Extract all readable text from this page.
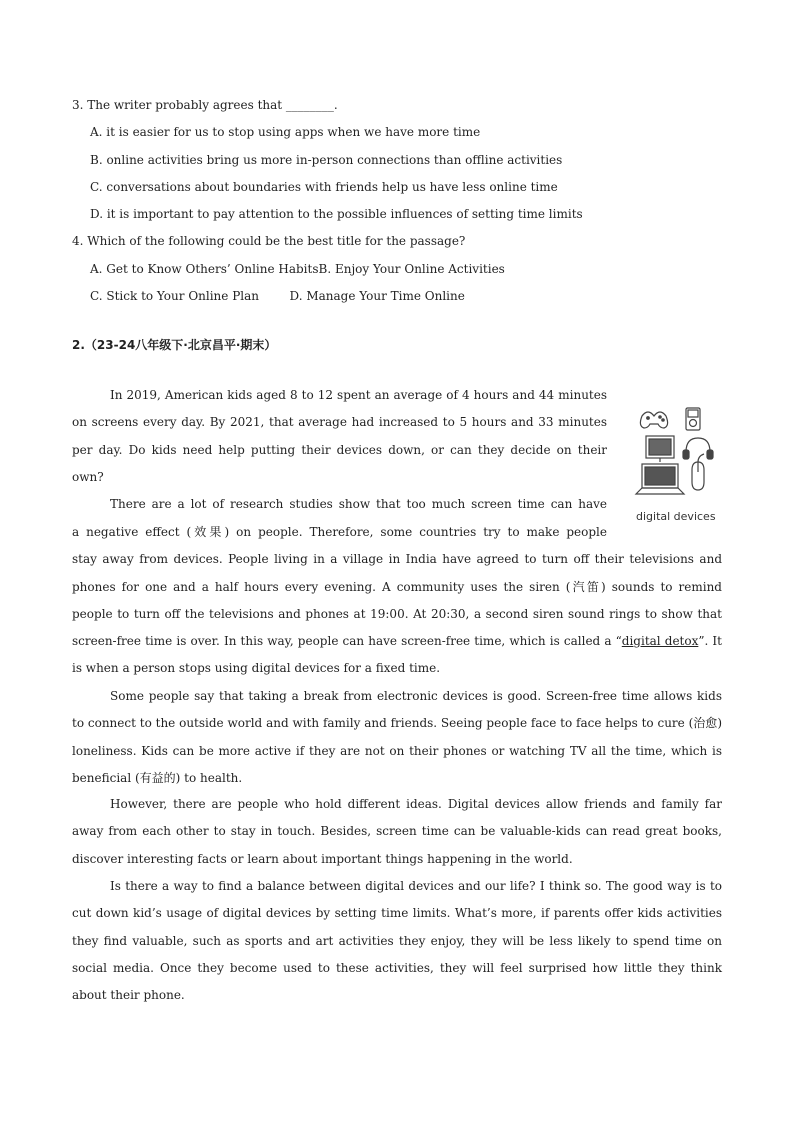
3. The writer probably agrees that ________.
A. it is easier for us to stop using apps when we have more time
B. online activities bring us more in-person connections than offline activities
C. conversations about boundaries with friends help us have less online time
D. it is important to pay attention to the possible influences of setting time limits
4. Which of the following could be the best title for the passage?
A. Get to Know Others’ Online HabitsB. Enjoy Your Online Activities
C. Stick to Your Online Plan        D. Manage Your Time Online
2.（23-24八年级下·北京昌平·期末）

In 2019, American kids aged 8 to 12 spent an average of 4 hours and 44 minutes

on screens every day. By 2021, that average had increased to 5 hours and 33 minutes

per day. Do kids need help putting their devices down, or can they decide on their

own?

There are a lot of research studies show that too much screen time can have

a negative effect (效果) on people. Therefore, some countries try to make people

stay away from devices. People living in a village in India have agreed to turn off their televisions and phones for one and a half hours every evening. A community uses the siren (汽笛) sounds to remind people to turn off the televisions and phones at 19:00. At 20:30, a second siren sound rings to show that screen-free time is over. In this way, people can have screen-free time, which is called a “digital detox”. It is when a person stops using digital devices for a fixed time.

Some people say that taking a break from electronic devices is good. Screen-free time allows kids to connect to the outside world and with family and friends. Seeing people face to face helps to cure (治愈) loneliness. Kids can be more active if they are not on their phones or watching TV all the time, which is beneficial (有益的) to health.

However, there are people who hold different ideas. Digital devices allow friends and family far away from each other to stay in touch. Besides, screen time can be valuable-kids can read great books, discover interesting facts or learn about important things happening in the world.

Is there a way to find a balance between digital devices and our life? I think so. The good way is to cut down kid’s usage of digital devices by setting time limits. What’s more, if parents offer kids activities they find valuable, such as sports and art activities they enjoy, they will be less likely to spend time on social media. Once they become used to these activities, they will feel surprised how little they think about their phone.

digital devices
